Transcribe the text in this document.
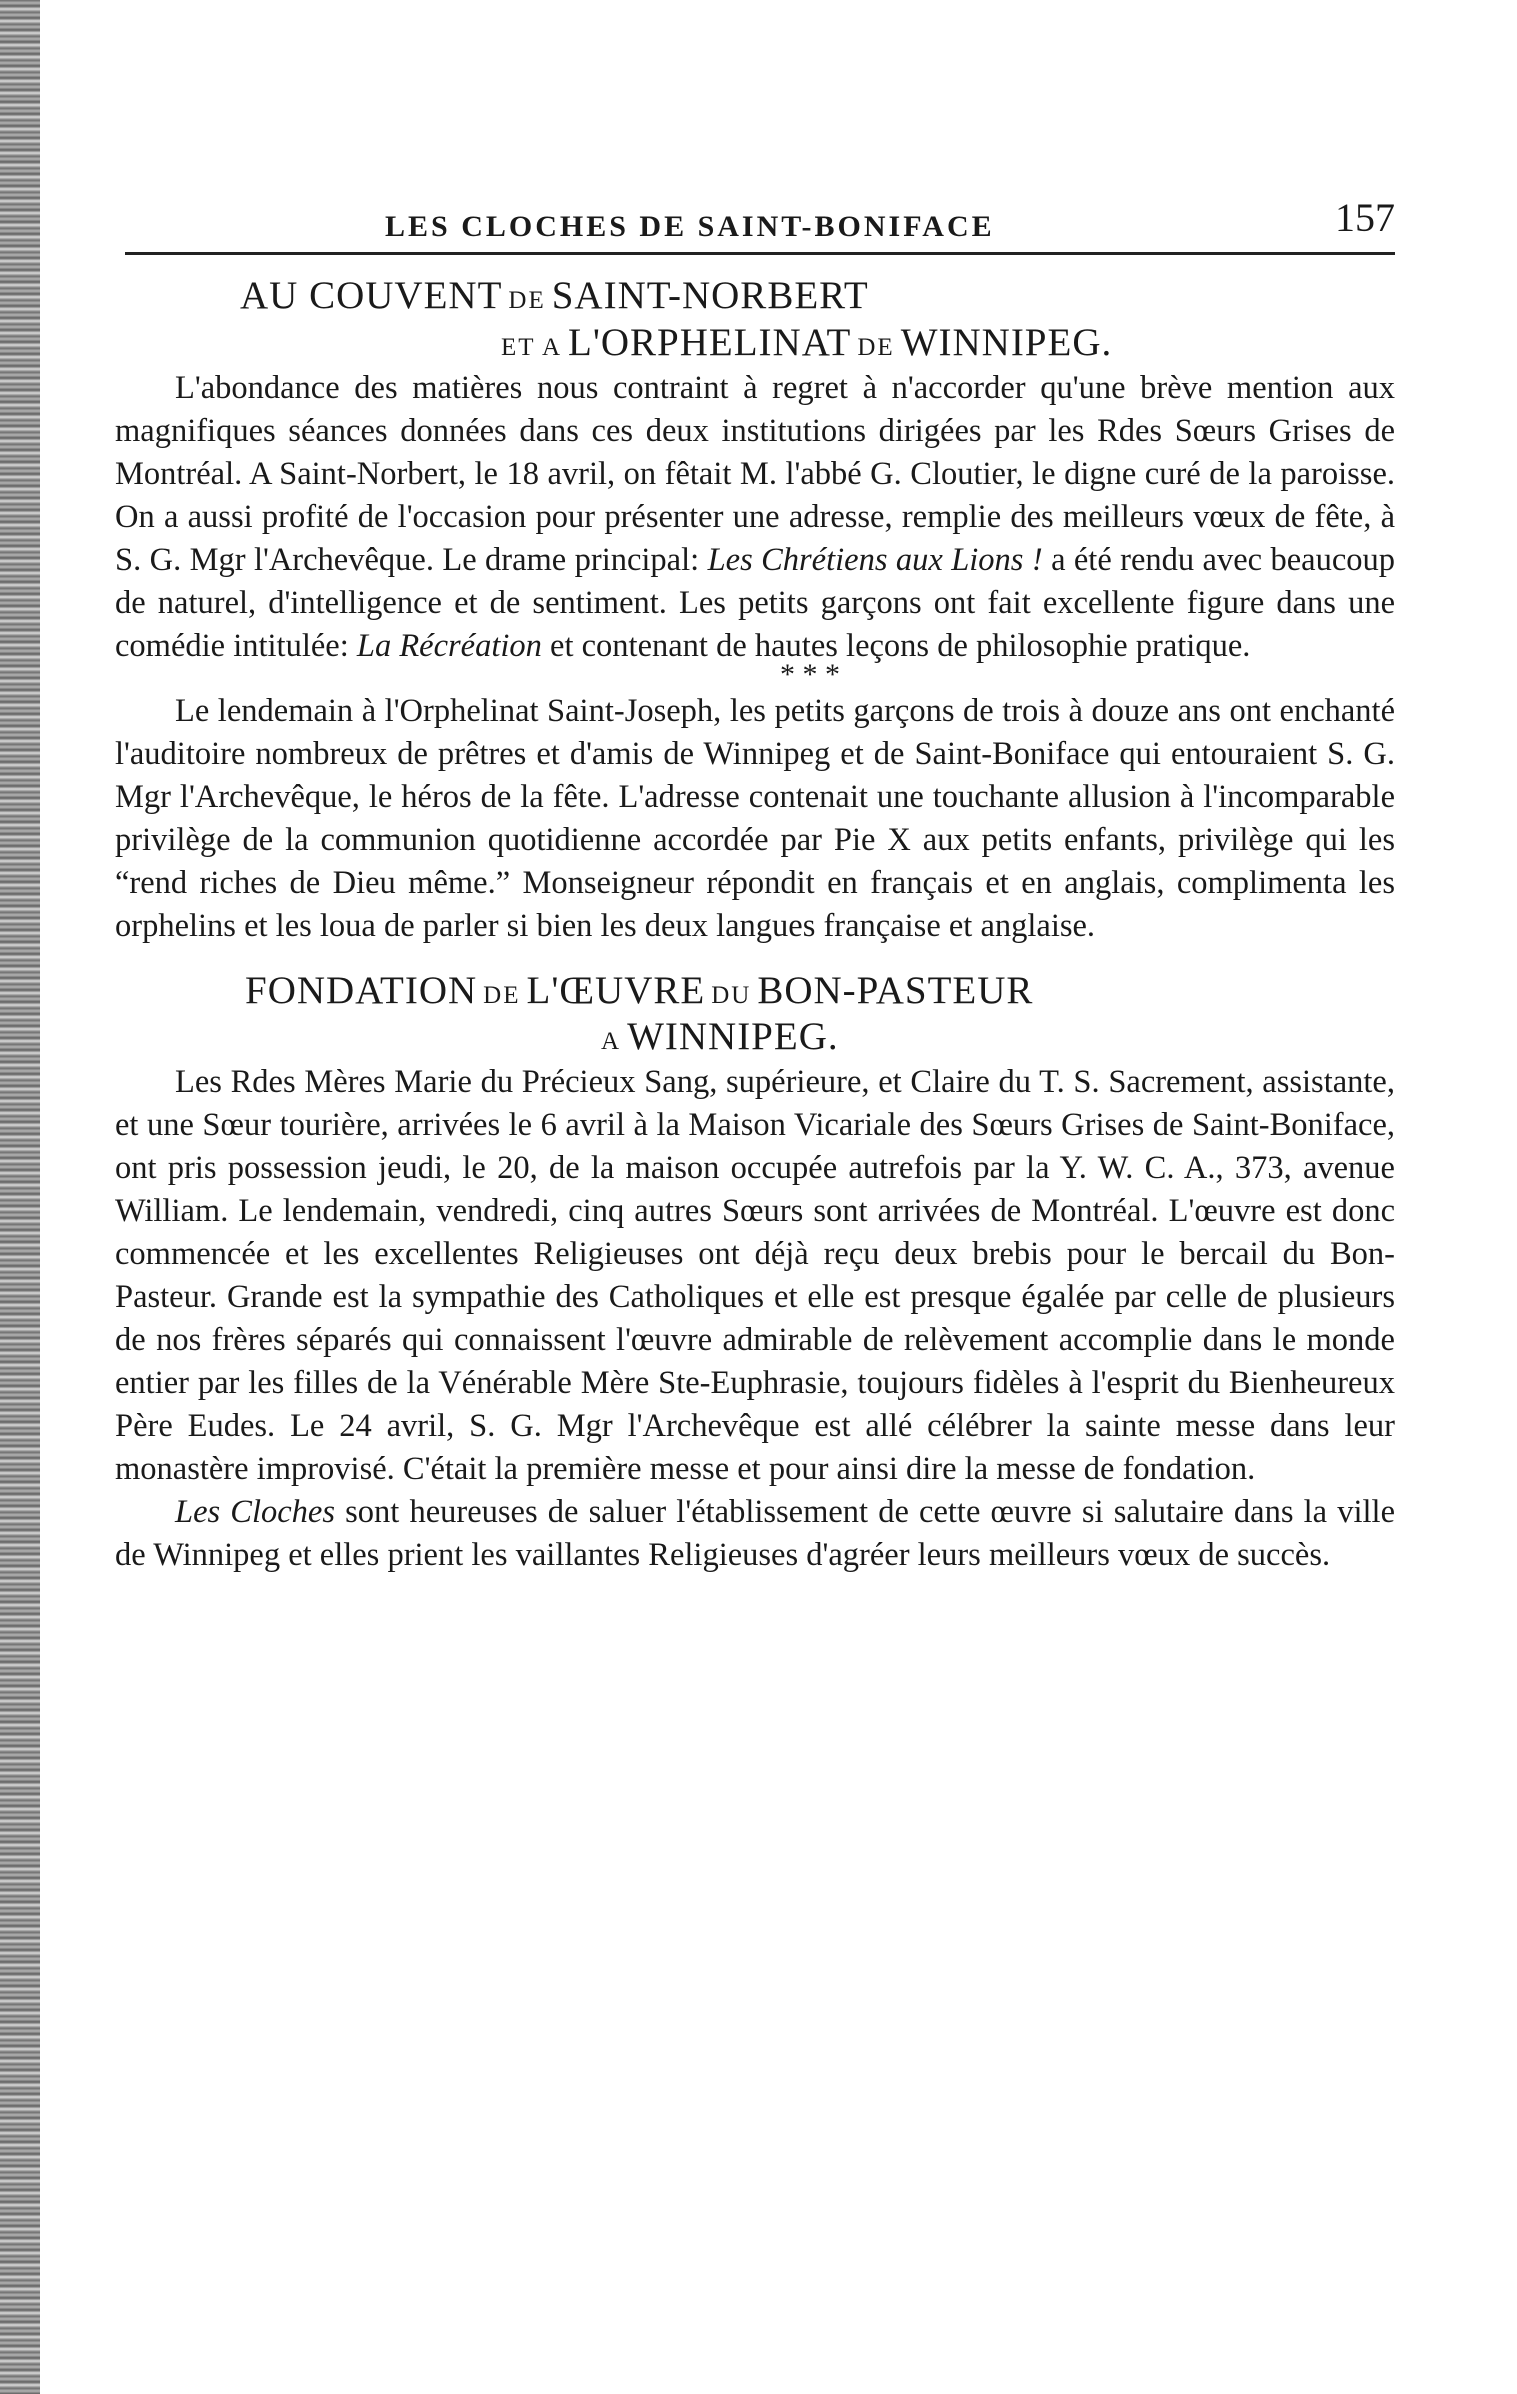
LES CLOCHES DE SAINT-BONIFACE	157
AU COUVENT DE SAINT-NORBERT
ET A L'ORPHELINAT DE WINNIPEG.

L'abondance des matières nous contraint à regret à n'accorder qu'une brève mention aux magnifiques séances données dans ces deux institutions dirigées par les Rdes Sœurs Grises de Montréal. A Saint-Norbert, le 18 avril, on fêtait M. l'abbé G. Cloutier, le digne curé de la paroisse. On a aussi profité de l'occasion pour présenter une adresse, remplie des meilleurs vœux de fête, à S. G. Mgr l'Archevêque. Le drame principal: Les Chrétiens aux Lions ! a été rendu avec beaucoup de naturel, d'intelligence et de sentiment. Les petits garçons ont fait excellente figure dans une comédie intitulée: La Récréation et contenant de hautes leçons de philosophie pratique.

* * *

Le lendemain à l'Orphelinat Saint-Joseph, les petits garçons de trois à douze ans ont enchanté l'auditoire nombreux de prêtres et d'amis de Winnipeg et de Saint-Boniface qui entouraient S. G. Mgr l'Archevêque, le héros de la fête. L'adresse contenait une touchante allusion à l'incomparable privilège de la communion quotidienne accordée par Pie X aux petits enfants, privilège qui les “rend riches de Dieu même.” Monseigneur répondit en français et en anglais, complimenta les orphelins et les loua de parler si bien les deux langues française et anglaise.

FONDATION DE L'ŒUVRE DU BON-PASTEUR
A WINNIPEG.

Les Rdes Mères Marie du Précieux Sang, supérieure, et Claire du T. S. Sacrement, assistante, et une Sœur tourière, arrivées le 6 avril à la Maison Vicariale des Sœurs Grises de Saint-Boniface, ont pris possession jeudi, le 20, de la maison occupée autrefois par la Y. W. C. A., 373, avenue William. Le lendemain, vendredi, cinq autres Sœurs sont arrivées de Montréal. L'œuvre est donc commencée et les excellentes Religieuses ont déjà reçu deux brebis pour le bercail du Bon-Pasteur. Grande est la sympathie des Catholiques et elle est presque égalée par celle de plusieurs de nos frères séparés qui connaissent l'œuvre admirable de relèvement accomplie dans le monde entier par les filles de la Vénérable Mère Ste-Euphrasie, toujours fidèles à l'esprit du Bienheureux Père Eudes. Le 24 avril, S. G. Mgr l'Archevêque est allé célébrer la sainte messe dans leur monastère improvisé. C'était la première messe et pour ainsi dire la messe de fondation.

Les Cloches sont heureuses de saluer l'établissement de cette œuvre si salutaire dans la ville de Winnipeg et elles prient les vaillantes Religieuses d'agréer leurs meilleurs vœux de succès.
